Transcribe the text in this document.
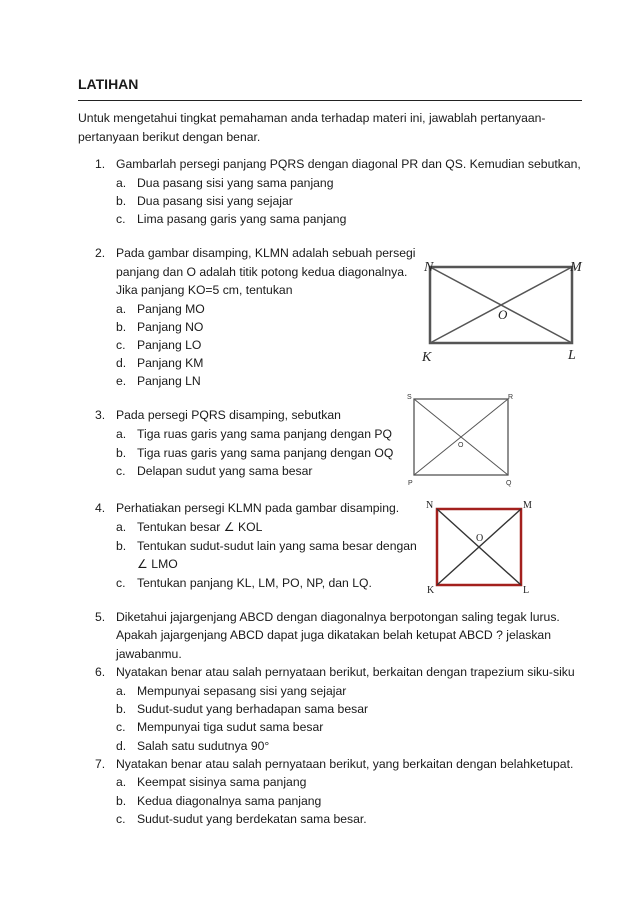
LATIHAN
Untuk mengetahui tingkat pemahaman anda terhadap materi ini, jawablah pertanyaan-
pertanyaan berikut dengan benar.
1. Gambarlah persegi panjang PQRS dengan diagonal PR dan QS. Kemudian sebutkan,
a. Dua pasang sisi yang sama panjang
b. Dua pasang sisi yang sejajar
c. Lima pasang garis yang sama panjang
2. Pada gambar disamping, KLMN adalah sebuah persegi
panjang dan O adalah titik potong kedua diagonalnya.
Jika panjang KO=5 cm, tentukan
a. Panjang MO
b. Panjang NO
c. Panjang LO
d. Panjang KM
e. Panjang LN
N	M
K	L
O
3. Pada persegi PQRS disamping, sebutkan
a. Tiga ruas garis yang sama panjang dengan PQ
b. Tiga ruas garis yang sama panjang dengan OQ
c. Delapan sudut yang sama besar
S	R
P	Q
O
4. Perhatiakan persegi KLMN pada gambar disamping.
a. Tentukan besar ∠ KOL
b. Tentukan sudut-sudut lain yang sama besar dengan
∠ LMO
c. Tentukan panjang KL, LM, PO, NP, dan LQ.
N	M
K	L
O
5. Diketahui jajargenjang ABCD dengan diagonalnya berpotongan saling tegak lurus.
Apakah jajargenjang ABCD dapat juga dikatakan belah ketupat ABCD ? jelaskan
jawabanmu.
6. Nyatakan benar atau salah pernyataan berikut, berkaitan dengan trapezium siku-siku
a. Mempunyai sepasang sisi yang sejajar
b. Sudut-sudut yang berhadapan sama besar
c. Mempunyai tiga sudut sama besar
d. Salah satu sudutnya 90°
7. Nyatakan benar atau salah pernyataan berikut, yang berkaitan dengan belahketupat.
a. Keempat sisinya sama panjang
b. Kedua diagonalnya sama panjang
c. Sudut-sudut yang berdekatan sama besar.
